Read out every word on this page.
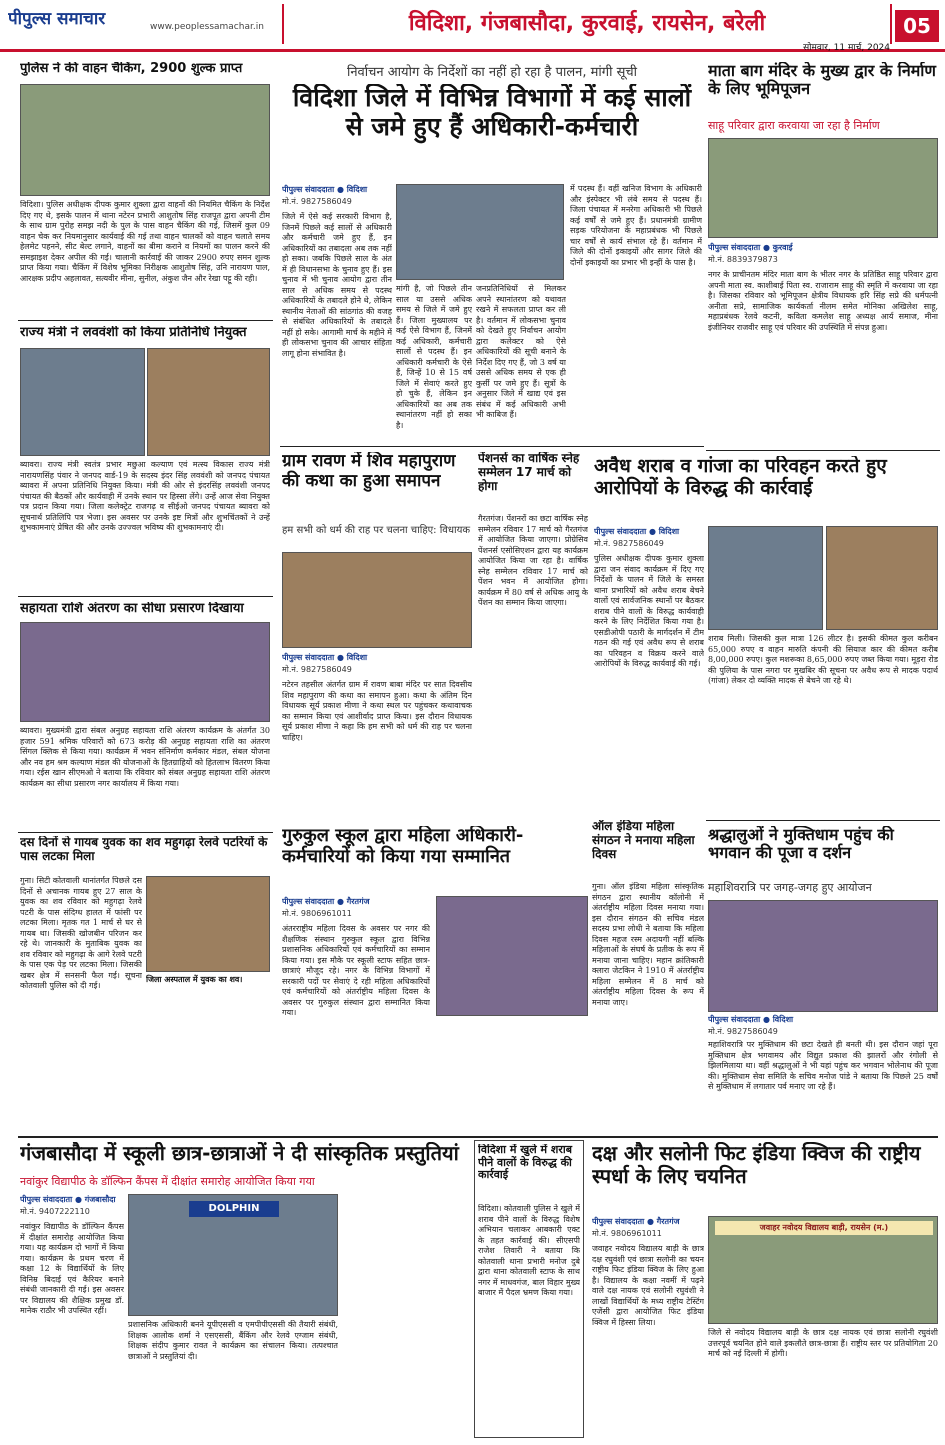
पीपुल्स समाचार	www.peoplessamachar.in	विदिशा, गंजबासौदा, कुरवाई, रायसेन, बरेली	05
सोमवार, 11 मार्च, 2024
पुलिस ने की वाहन चैकिंग, 2900 शुल्क प्राप्त
विदिशा। पुलिस अधीक्षक दीपक कुमार शुक्ला द्वारा वाहनों की नियमित चैकिंग के निर्देश दिए गए थे, इसके पालन में थाना नटेरन प्रभारी आशुतोष सिंह राजपूत द्वारा अपनी टीम के साथ ग्राम पुरोह समझ नदी के पुल के पास वाहन चैकिंग की गई, जिसमें कुल 09 वाहन चेक कर नियमानुसार कार्यवाई की गई तथा वाहन चालकों को वाहन चलाते समय हेलमेट पहनने, सीट बेल्ट लगाने, वाहनों का बीमा कराने व नियमों का पालन करने की समझाइश देकर अपील की गई। चालानी कार्रवाई की जाकर 2900 रुपए समन शुल्क प्राप्त किया गया। चैकिंग में विशेष भूमिका निरीक्षक आशुतोष सिंह, उनि नारायण पाल, आरक्षक प्रदीप अहलावत, सत्यवीर मीना, सुनील, अंकुश जैन और रेखा पट्टू की रही।
राज्य मंत्री ने लववंशी को किया प्रतिनिधि नियुक्त
ब्यावरा। राज्य मंत्री स्वतंत्र प्रभार मछुआ कल्याण एवं मत्स्य विकास राज्य मंत्री नारायणसिंह पंवार ने जनपद वार्ड-19 के सदस्य इंदर सिंह लववंशी को जनपद पंचायत ब्यावरा में अपना प्रतिनिधि नियुक्त किया। मंत्री की ओर से इंदरसिंह लववंशी जनपद पंचायत की बैठकों और कार्यवाही में उनके स्थान पर हिस्सा लेंगे। उन्हें आज सेवा नियुक्त पत्र प्रदान किया गया। जिला कलेक्ट्रेट राजगढ़ व सीईओ जनपद पंचायत ब्यावरा को सूचनार्थ प्रतिलिपि पत्र भेजा। इस अवसर पर उनके इष्ट मित्रों और शुभचिंतकों ने उन्हें शुभकामनाएं प्रेषित की और उनके उज्ज्वल भविष्य की शुभकामनाएं दी।
सहायता राशि अंतरण का सीधा प्रसारण दिखाया
ब्यावरा। मुख्यमंत्री द्वारा संबल अनुग्रह सहायता राशि अंतरण कार्यक्रम के अंतर्गत 30 हजार 591 श्रमिक परिवारों को 673 करोड़ की अनुग्रह सहायता राशि का अंतरण सिंगल क्लिक से किया गया। कार्यक्रम में भवन संनिर्माण कर्मकार मंडल, संबल योजना और नव हम श्रम कल्याण मंडल की योजनाओं के हितग्राहियों को हितलाभ वितरण किया गया। रईस खान सीएमओ ने बताया कि रविवार को संबल अनुग्रह सहायता राशि अंतरण कार्यक्रम का सीधा प्रसारण नगर कार्यालय में किया गया।
दस दिनों से गायब युवक का शव महुगढ़ा रेलवे पटरियों के पास लटका मिला
गुना। सिटी कोतवाली थानांतर्गत पिछले दस दिनों से अचानक गायब हुए 27 साल के युवक का शव रविवार को महुगढ़ा रेलवे पटरी के पास संदिग्ध हालत में फांसी पर लटका मिला। मृतक गत 1 मार्च से घर से गायब था। जिसकी खोजबीन परिजन कर रहे थे। जानकारी के मुताबिक युवक का शव रविवार को महुगढ़ा के आगे रेलवे पटरी के पास एक पेड़ पर लटका मिला। जिसकी खबर क्षेत्र में सनसनी फैल गई। सूचना कोतवाली पुलिस को दी गई।
जिला अस्पताल में युवक का शव।
निर्वाचन आयोग के निर्देशों का नहीं हो रहा है पालन, मांगी सूची
विदिशा जिले में विभिन्न विभागों में कई सालों से जमे हुए हैं अधिकारी-कर्मचारी
पीपुल्स संवाददाता ● विदिशा
मो.नं. 9827586049
जिले में ऐसे कई सरकारी विभाग है, जिनमें पिछले कई सालों से अधिकारी और कर्मचारी जमे हुए हैं, इन अधिकारियों का तबादला अब तक नहीं हो सका। जबकि पिछले साल के अंत में ही विधानसभा के चुनाव हुए हैं। इस चुनाव में भी चुनाव आयोग द्वारा तीन साल से अधिक समय से पदस्थ अधिकारियों के तबादले होने थे, लेकिन स्थानीय नेताओं की सांठगांठ की वजह से संबंधित अधिकारियों के तबादले नहीं हो सके। आगामी मार्च के महीने में ही लोकसभा चुनाव की आचार संहिता लागू होना संभावित है।
मांगी है, जो पिछले तीन साल या उससे अधिक समय से जिले में जमे हुए हैं। जिला मुख्यालय पर कई ऐसे विभाग हैं, जिनमें कई अधिकारी, कर्मचारी सालों से पदस्थ हैं। इन अधिकारी कर्मचारी के ऐसे हैं, जिन्हें 10 से 15 वर्ष जिले में सेवाएं करते हुए हो चुके हैं, लेकिन इन अधिकारियों का अब तक स्थानांतरण नहीं हो सका है।
जनप्रतिनिधियों से मिलकर अपने स्थानांतरण को यथावत रखने में सफलता प्राप्त कर ली है। वर्तमान में लोकसभा चुनाव को देखते हुए निर्वाचन आयोग द्वारा कलेक्टर को ऐसे अधिकारियों की सूची बनाने के निर्देश दिए गए हैं, जो 3 वर्ष या उससे अधिक समय से एक ही कुर्सी पर जमे हुए हैं। सूत्रों के अनुसार जिले में खाद्य एवं इस संबंध में कई अधिकारी अभी भी काबिज हैं।
में पदस्थ हैं। वहीं खनिज विभाग के अधिकारी और इंस्पेक्टर भी लंबे समय से पदस्थ हैं। जिला पंचायत में मनरेगा अधिकारी भी पिछले कई वर्षों से जमे हुए हैं। प्रधानमंत्री ग्रामीण सड़क परियोजना के महाप्रबंधक भी पिछले चार वर्षों से कार्य संभाल रहे हैं। वर्तमान में जिले की दोनों इकाइयों और सागर जिले की दोनों इकाइयों का प्रभार भी इन्हीं के पास है।
ग्राम रावण में शिव महापुराण की कथा का हुआ समापन
हम सभी को धर्म की राह पर चलना चाहिए: विधायक
पीपुल्स संवाददाता ● विदिशा
मो.नं. 9827586049
नटेरन तहसील अंतर्गत ग्राम में रावण बाबा मंदिर पर सात दिवसीय शिव महापुराण की कथा का समापन हुआ। कथा के अंतिम दिन विधायक सूर्य प्रकाश मीणा ने कथा स्थल पर पहुंचकर कथावाचक का सम्मान किया एवं आशीर्वाद प्राप्त किया। इस दौरान विधायक सूर्य प्रकाश मीणा ने कहा कि हम सभी को धर्म की राह पर चलना चाहिए।
पेंशनर्स का वार्षिक स्नेह सम्मेलन 17 मार्च को होगा
गैरतगंज। पेंशनरों का छटा वार्षिक स्नेह सम्मेलन रविवार 17 मार्च को गैरतगंज में आयोजित किया जाएगा। प्रोग्रेसिव पेंशनर्स एसोसिएशन द्वारा यह कार्यक्रम आयोजित किया जा रहा है। वार्षिक स्नेह सम्मेलन रविवार 17 मार्च को पेंशन भवन में आयोजित होगा। कार्यक्रम में 80 वर्ष से अधिक आयु के पेंशन का सम्मान किया जाएगा।
ऑल इंडिया महिला संगठन ने मनाया महिला दिवस
गुना। ऑल इंडिया महिला सांस्कृतिक संगठन द्वारा स्थानीय कॉलोनी में अंतर्राष्ट्रीय महिला दिवस मनाया गया। इस दौरान संगठन की सचिव मंडल सदस्य प्रभा लोधी ने बताया कि महिला दिवस महज रस्म अदायगी नहीं बल्कि महिलाओं के संघर्ष के प्रतीक के रूप में मनाया जाना चाहिए। महान क्रांतिकारी क्लारा जेटकिन ने 1910 में अंतर्राष्ट्रीय महिला सम्मेलन में 8 मार्च को अंतर्राष्ट्रीय महिला दिवस के रूप में मनाया जाए।
गुरुकुल स्कूल द्वारा महिला अधिकारी-कर्मचारियों को किया गया सम्मानित
पीपुल्स संवाददाता ● गैरतगंज
मो.नं. 9806961011
अंतरराष्ट्रीय महिला दिवस के अवसर पर नगर की शैक्षणिक संस्थान गुरुकुल स्कूल द्वारा विभिन्न प्रशासनिक अधिकारियों एवं कर्मचारियों का सम्मान किया गया। इस मौके पर स्कूली स्टाफ सहित छात्र-छात्राएं मौजूद रहे। नगर के विभिन्न विभागों में सरकारी पदों पर सेवाएं दे रही महिला अधिकारियों एवं कर्मचारियों को अंतर्राष्ट्रीय महिला दिवस के अवसर पर गुरुकुल संस्थान द्वारा सम्मानित किया गया।
माता बाग मंदिर के मुख्य द्वार के निर्माण के लिए भूमिपूजन
साहू परिवार द्वारा करवाया जा रहा है निर्माण
पीपुल्स संवाददाता ● कुरवाई
मो.नं. 8839379873
नगर के प्राचीनतम मंदिर माता बाग के भीतर नगर के प्रतिष्ठित साहू परिवार द्वारा अपनी माता स्व. काशीबाई पिता स्व. राजाराम साहू की स्मृति में करवाया जा रहा है। जिसका रविवार को भूमिपूजन क्षेत्रीय विधायक हरि सिंह सप्रे की धर्मपत्नी अनीता सप्रे, सामाजिक कार्यकर्ता नीलम समेत मोनिका अखिलेश साहू, महाप्रबंधक रेलवे कटनी, कविता कमलेश साहू अध्यक्ष आर्य समाज, मीना इंजीनियर राजवीर साहू एवं परिवार की उपस्थिति में संपन्न हुआ।
अवैध शराब व गांजा का परिवहन करते हुए आरोपियों के विरुद्ध की कार्रवाई
पीपुल्स संवाददाता ● विदिशा
मो.नं. 9827586049
पुलिस अधीक्षक दीपक कुमार शुक्ला द्वारा जन संवाद कार्यक्रम में दिए गए निर्देशों के पालन में जिले के समस्त थाना प्रभारियों को अवैध शराब बेचने वालों एवं सार्वजनिक स्थानों पर बैठकर शराब पीने वालों के विरुद्ध कार्यवाही करने के लिए निर्देशित किया गया है। एसडीओपी पठारी के मार्गदर्शन में टीम गठन की गई एवं अवैध रूप से शराब का परिवहन व विक्रय करने वाले आरोपियों के विरुद्ध कार्यवाई की गई।
शराब मिली। जिसकी कुल मात्रा 126 लीटर है। इसकी कीमत कुल करीबन 65,000 रुपए व वाहन मारुति कंपनी की सियाज कार की कीमत करीब 8,00,000 रुपए। कुल मशरूका 8,65,000 रुपए जब्त किया गया। मूड़रा रोड की पुलिया के पास नगरा पर मुखबिर की सूचना पर अवैध रूप से मादक पदार्थ (गांजा) लेकर दो व्यक्ति मादक से बेचने जा रहे थे।
श्रद्धालुओं ने मुक्तिधाम पहुंच की भगवान की पूजा व दर्शन
महाशिवरात्रि पर जगह-जगह हुए आयोजन
पीपुल्स संवाददाता ● विदिशा
मो.नं. 9827586049
महाशिवरात्रि पर मुक्तिधाम की छटा देखते ही बनती थी। इस दौरान जहां पूरा मुक्तिधाम क्षेत्र भगवामय और विद्युत प्रकाश की झालरों और रंगोली से झिलमिलाया था। वहीं श्रद्धालुओं ने भी यहां पहुंच कर भगवान भोलेनाथ की पूजा की। मुक्तिधाम सेवा समिति के सचिव मनोज पांडे ने बताया कि पिछले 25 वर्षों से मुक्तिधाम में लगातार पर्व मनाए जा रहे हैं।
गंजबासौदा में स्कूली छात्र-छात्राओं ने दी सांस्कृतिक प्रस्तुतियां
नवांकुर विद्यापीठ के डॉल्फिन कैंपस में दीक्षांत समारोह आयोजित किया गया
पीपुल्स संवाददाता ● गंजबासौदा
मो.नं. 9407222110
नवांकुर विद्यापीठ के डॉल्फिन कैंपस में दीक्षांत समारोह आयोजित किया गया। यह कार्यक्रम दो भागों में किया गया। कार्यक्रम के प्रथम चरण में कक्षा 12 के विद्यार्थियों के लिए विनिम्र बिदाई एवं कैरियर बनाने संबंधी जानकारी दी गई। इस अवसर पर विद्यालय की शैक्षिक प्रमुख डॉ. मानेक राठौर भी उपस्थित रहीं।
DOLPHIN
प्रशासनिक अधिकारी बनने यूपीएससी व एमपीपीएससी की तैयारी संबंधी, शिक्षक आलोक शर्मा ने एसएससी, बैंकिंग और रेलवे एग्जाम संबंधी, शिक्षक संदीप कुमार रावत ने कार्यक्रम का संचालन किया। तत्पश्चात छात्राओं ने प्रस्तुतियां दी।
विदिशा में खुले में शराब पीने वालों के विरुद्ध की कार्रवाई
विदिशा। कोतवाली पुलिस ने खुले में शराब पीने वालों के विरुद्ध विशेष अभियान चलाकर आबकारी एक्ट के तहत कार्रवाई की। सीएसपी राजेश तिवारी ने बताया कि कोतवाली थाना प्रभारी मनोज दुबे द्वारा थाना कोतवाली स्टाफ के साथ नगर में माधवगंज, बाल विहार मुख्य बाजार में पैदल भ्रमण किया गया।
दक्ष और सलोनी फिट इंडिया क्विज की राष्ट्रीय स्पर्धा के लिए चयनित
पीपुल्स संवाददाता ● गैरतगंज
मो.नं. 9806961011
जवाहर नवोदय विद्यालय बाड़ी के छात्र दक्ष रघुवंशी एवं छात्रा सलोनी का चयन राष्ट्रीय फिट इंडिया क्विज के लिए हुआ है। विद्यालय के कक्षा नवमीं में पढ़ने वाले दक्ष नायक एवं सलोनी रघुवंशी ने लाखों विद्यार्थियों के मध्य राष्ट्रीय टेस्टिंग एजेंसी द्वारा आयोजित फिट इंडिया क्विज में हिस्सा लिया।
जवाहर नवोदय विद्यालय बाड़ी, रायसेन (म.)
जिले से नवोदय विद्यालय बाड़ी के छात्र दक्ष नायक एवं छात्रा सलोनी रघुवंशी उत्तरपूर्व चयनित होने वाले इकलौते छात्र-छात्रा हैं। राष्ट्रीय स्तर पर प्रतियोगिता 20 मार्च को नई दिल्ली में होगी।
